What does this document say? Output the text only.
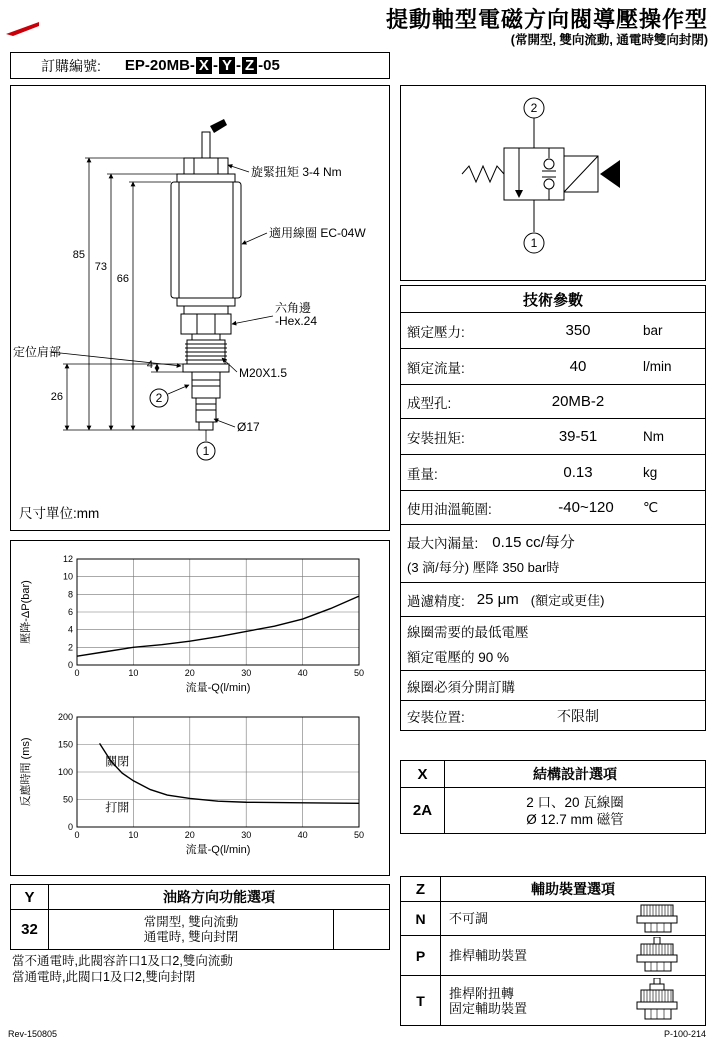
提動軸型電磁方向閥導壓操作型
(常開型, 雙向流動, 通電時雙向封閉)
訂購編號: EP-20MB - X - Y - Z - 05
85
73
66
26
4
旋緊扭矩 3-4 Nm
適用線圈 EC-04W
六角邊
-Hex.24
M20X1.5
定位肩部
Ø17
2
1
尺寸單位:mm
2
1
技術參數
額定壓力:	350	bar
額定流量:	40	l/min
成型孔:	20MB-2
安裝扭矩:	39-51	Nm
重量:	0.13	kg
使用油溫範圍:	-40~120	℃
最大內漏量: 0.15 cc/每分
(3 滴/每分) 壓降 350 bar時
過濾精度: 25 μm (額定或更佳)
線圈需要的最低電壓
額定電壓的 90 %
線圈必須分開訂購
安裝位置:	不限制
0	10	20	30	40	50
0
2
4
6
8
10
12
流量-Q(l/min)
壓降-ΔP(bar)
0	10	20	30	40	50
0
50
100
150
200
流量-Q(l/min)
反應時間 (ms)	關閉
打開
X	結構設計選項
2A	2 口、20 瓦線圈
Ø 12.7 mm 磁管
Y	油路方向功能選項
32	常開型, 雙向流動
通電時, 雙向封閉
當不通電時,此閥容許口1及口2,雙向流動
當通電時,此閥口1及口2,雙向封閉
Z	輔助裝置選項
N	不可調
P	推桿輔助裝置
T	推桿附扭轉
固定輔助裝置
Rev-150805	P-100-214
